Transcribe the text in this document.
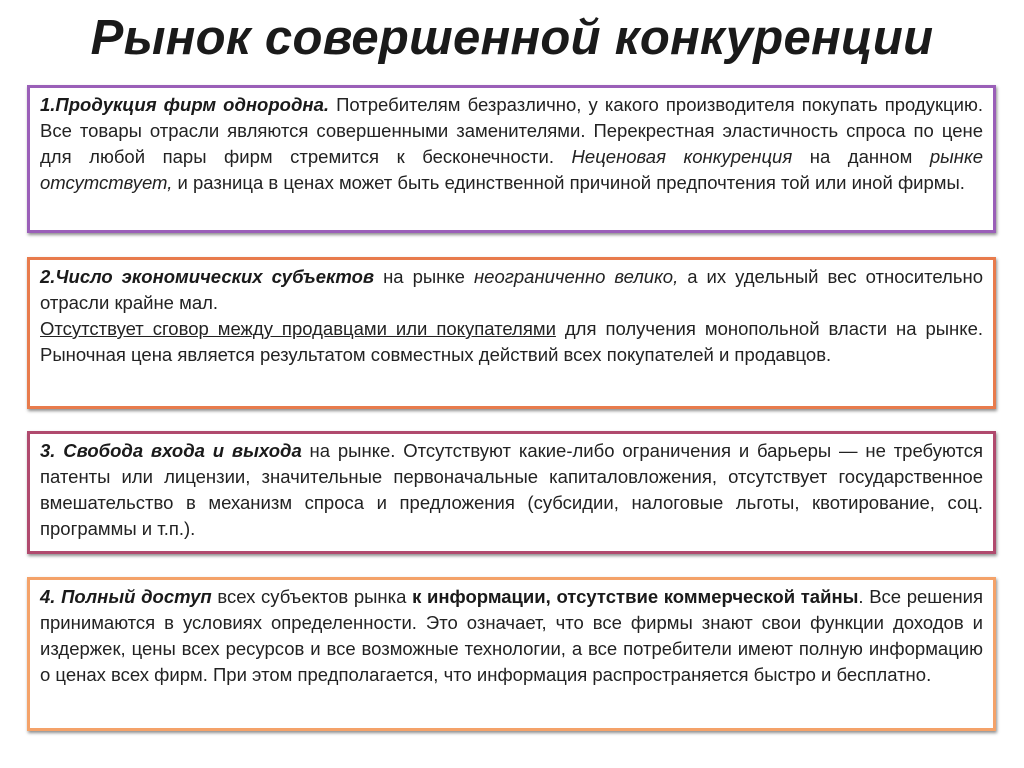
Рынок совершенной конкуренции

1.Продукция фирм однородна. Потребителям безразлично, у какого производителя покупать продукцию. Все товары отрасли являются совершенными заменителями. Перекрестная эластичность спроса по цене для любой пары фирм стремится к бесконечности. Неценовая конкуренция на данном рынке отсутствует, и разница в ценах может быть единственной причиной предпочтения той или иной фирмы.

2.Число экономических субъектов на рынке неограниченно велико, а их удельный вес относительно отрасли крайне мал.

Отсутствует сговор между продавцами или покупателями для получения монопольной власти на рынке. Рыночная цена является результатом совместных действий всех покупателей и продавцов.

3. Свобода входа и выхода на рынке. Отсутствуют какие-либо ограничения и барьеры — не требуются патенты или лицензии, значительные первоначальные капиталовложения, отсутствует государственное вмешательство в механизм спроса и предложения (субсидии, налоговые льготы, квотирование, соц. программы и т.п.).

4. Полный доступ всех субъектов рынка к информации, отсутствие коммерческой тайны. Все решения принимаются в условиях определенности. Это означает, что все фирмы знают свои функции доходов и издержек, цены всех ресурсов и все возможные технологии, а все потребители имеют полную информацию о ценах всех фирм. При этом предполагается, что информация распространяется быстро и бесплатно.
